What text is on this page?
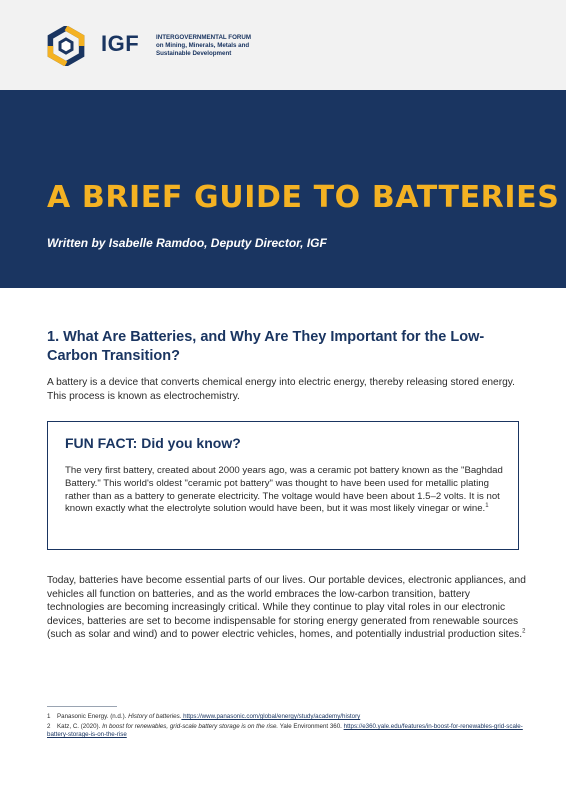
IGF	INTERGOVERNMENTAL FORUM
on Mining, Minerals, Metals and
Sustainable Development
A BRIEF GUIDE TO BATTERIES
Written by Isabelle Ramdoo, Deputy Director, IGF
1. What Are Batteries, and Why Are They Important for the Low-Carbon Transition?

A battery is a device that converts chemical energy into electric energy, thereby releasing stored energy. This process is known as electrochemistry.

FUN FACT: Did you know?

The very first battery, created about 2000 years ago, was a ceramic pot battery known as the "Baghdad Battery." This world's oldest "ceramic pot battery" was thought to have been used for metallic plating rather than as a battery to generate electricity. The voltage would have been about 1.5–2 volts. It is not known exactly what the electrolyte solution would have been, but it was most likely vinegar or wine.$^1$

Today, batteries have become essential parts of our lives. Our portable devices, electronic appliances, and vehicles all function on batteries, and as the world embraces the low-carbon transition, battery technologies are becoming increasingly critical. While they continue to play vital roles in our electronic devices, batteries are set to become indispensable for storing energy generated from renewable sources (such as solar and wind) and to power electric vehicles, homes, and potentially industrial production sites.$^2$

1 Panasonic Energy. (n.d.). History of batteries. https://www.panasonic.com/global/energy/study/academy/history
2 Katz, C. (2020). In boost for renewables, grid-scale battery storage is on the rise. Yale Environment 360. https://e360.yale.edu/features/in-boost-for-renewables-grid-scale-battery-storage-is-on-the-rise
